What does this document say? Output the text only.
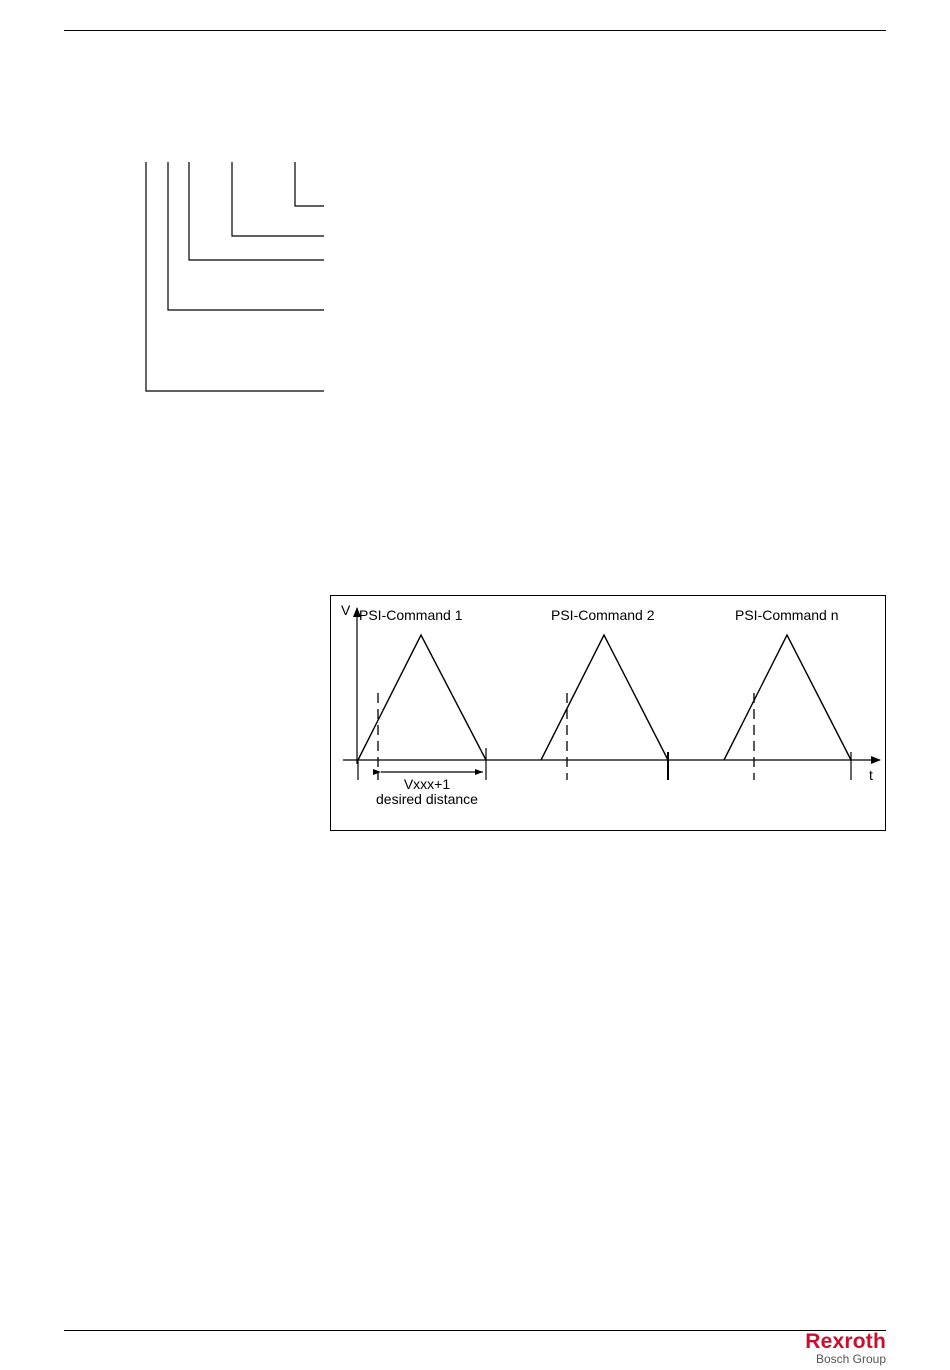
V
t
PSI-Command 1	PSI-Command 2	PSI-Command n
Vxxx+1
desired distance
Rexroth
Bosch Group
